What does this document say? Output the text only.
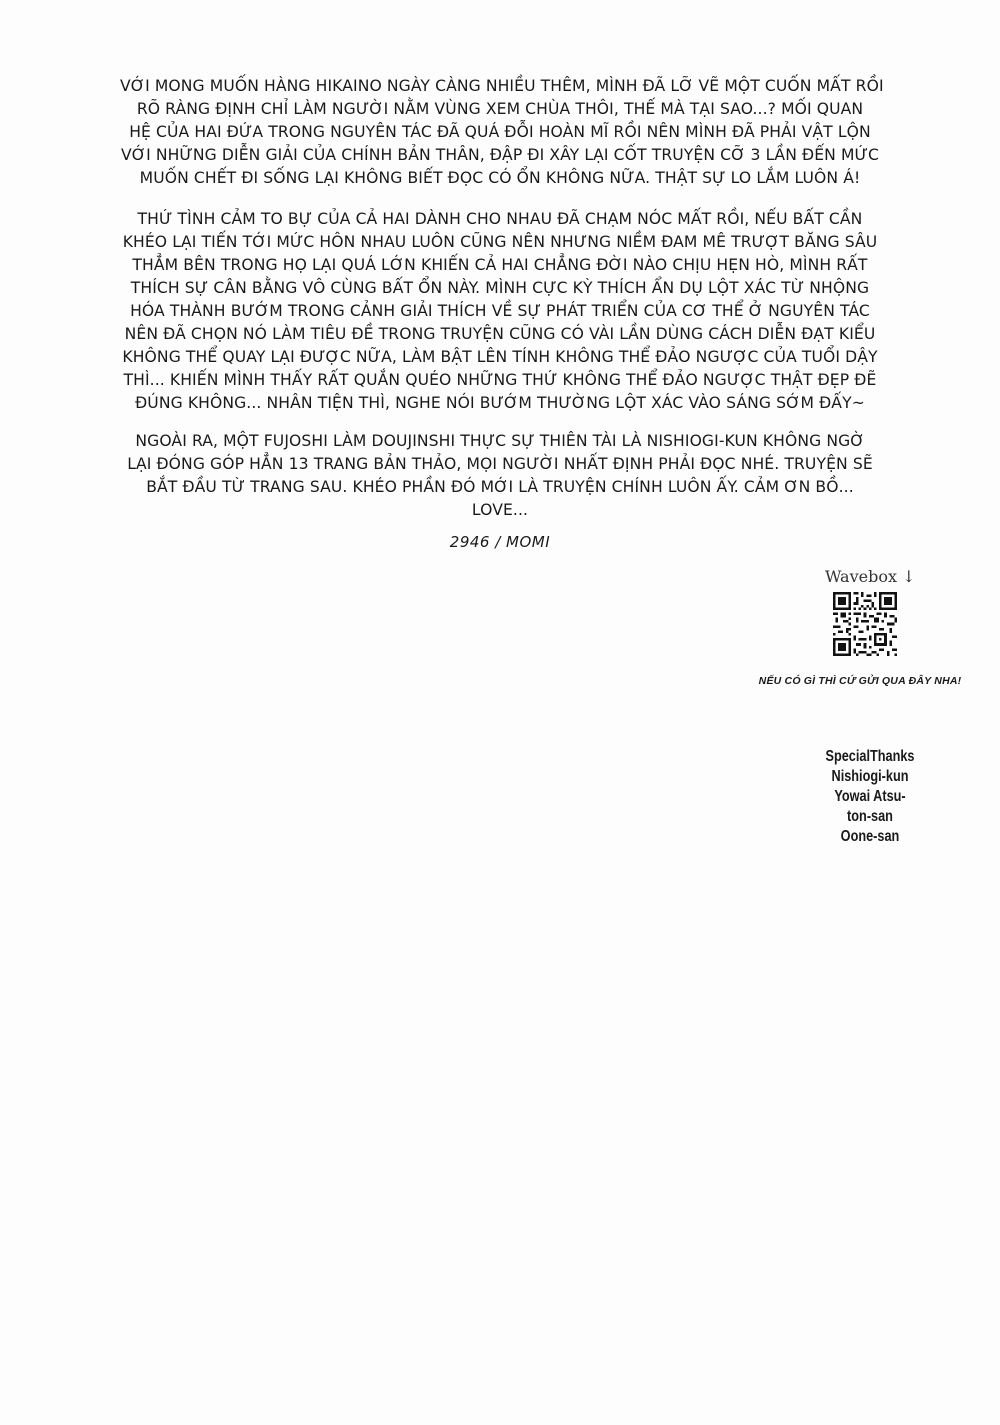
VỚI MONG MUỐN HÀNG HIKAINO NGÀY CÀNG NHIỀU THÊM, MÌNH ĐÃ LỠ VẼ MỘT CUỐN MẤT RỒI
RÕ RÀNG ĐỊNH CHỈ LÀM NGƯỜI NẰM VÙNG XEM CHÙA THÔI, THẾ MÀ TẠI SAO...? MỐI QUAN
HỆ CỦA HAI ĐỨA TRONG NGUYÊN TÁC ĐÃ QUÁ ĐỖI HOÀN MĨ RỒI NÊN MÌNH ĐÃ PHẢI VẬT LỘN
VỚI NHỮNG DIỄN GIẢI CỦA CHÍNH BẢN THÂN, ĐẬP ĐI XÂY LẠI CỐT TRUYỆN CỠ 3 LẦN ĐẾN MỨC
MUỐN CHẾT ĐI SỐNG LẠI KHÔNG BIẾT ĐỌC CÓ ỔN KHÔNG NỮA. THẬT SỰ LO LẮM LUÔN Á!
THỨ TÌNH CẢM TO BỰ CỦA CẢ HAI DÀNH CHO NHAU ĐÃ CHẠM NÓC MẤT RỒI, NẾU BẤT CẦN
KHÉO LẠI TIẾN TỚI MỨC HÔN NHAU LUÔN CŨNG NÊN NHƯNG NIỀM ĐAM MÊ TRƯỢT BĂNG SÂU
THẲM BÊN TRONG HỌ LẠI QUÁ LỚN KHIẾN CẢ HAI CHẲNG ĐỜI NÀO CHỊU HẸN HÒ, MÌNH RẤT
THÍCH SỰ CÂN BẰNG VÔ CÙNG BẤT ỔN NÀY. MÌNH CỰC KỲ THÍCH ẨN DỤ LỘT XÁC TỪ NHỘNG
HÓA THÀNH BƯỚM TRONG CẢNH GIẢI THÍCH VỀ SỰ PHÁT TRIỂN CỦA CƠ THỂ Ở NGUYÊN TÁC
NÊN ĐÃ CHỌN NÓ LÀM TIÊU ĐỀ TRONG TRUYỆN CŨNG CÓ VÀI LẦN DÙNG CÁCH DIỄN ĐẠT KIỂU
KHÔNG THỂ QUAY LẠI ĐƯỢC NỮA, LÀM BẬT LÊN TÍNH KHÔNG THỂ ĐẢO NGƯỢC CỦA TUỔI DẬY
THÌ... KHIẾN MÌNH THẤY RẤT QUẮN QUÉO NHỮNG THỨ KHÔNG THỂ ĐẢO NGƯỢC THẬT ĐẸP ĐẼ
ĐÚNG KHÔNG... NHÂN TIỆN THÌ, NGHE NÓI BƯỚM THƯỜNG LỘT XÁC VÀO SÁNG SỚM ĐẤY~
NGOÀI RA, MỘT FUJOSHI LÀM DOUJINSHI THỰC SỰ THIÊN TÀI LÀ NISHIOGI-KUN KHÔNG NGỜ
LẠI ĐÓNG GÓP HẲN 13 TRANG BẢN THẢO, MỌI NGƯỜI NHẤT ĐỊNH PHẢI ĐỌC NHÉ. TRUYỆN SẼ
BẮT ĐẦU TỪ TRANG SAU. KHÉO PHẦN ĐÓ MỚI LÀ TRUYỆN CHÍNH LUÔN ẤY. CẢM ƠN BỒ...
LOVE...
2946 / MOMI
Wavebox ↓
NẾU CÓ GÌ THÌ CỨ GỬI QUA ĐÂY NHA!
SpecialThanks
Nishiogi-kun
Yowai Atsu-
ton-san
Oone-san
